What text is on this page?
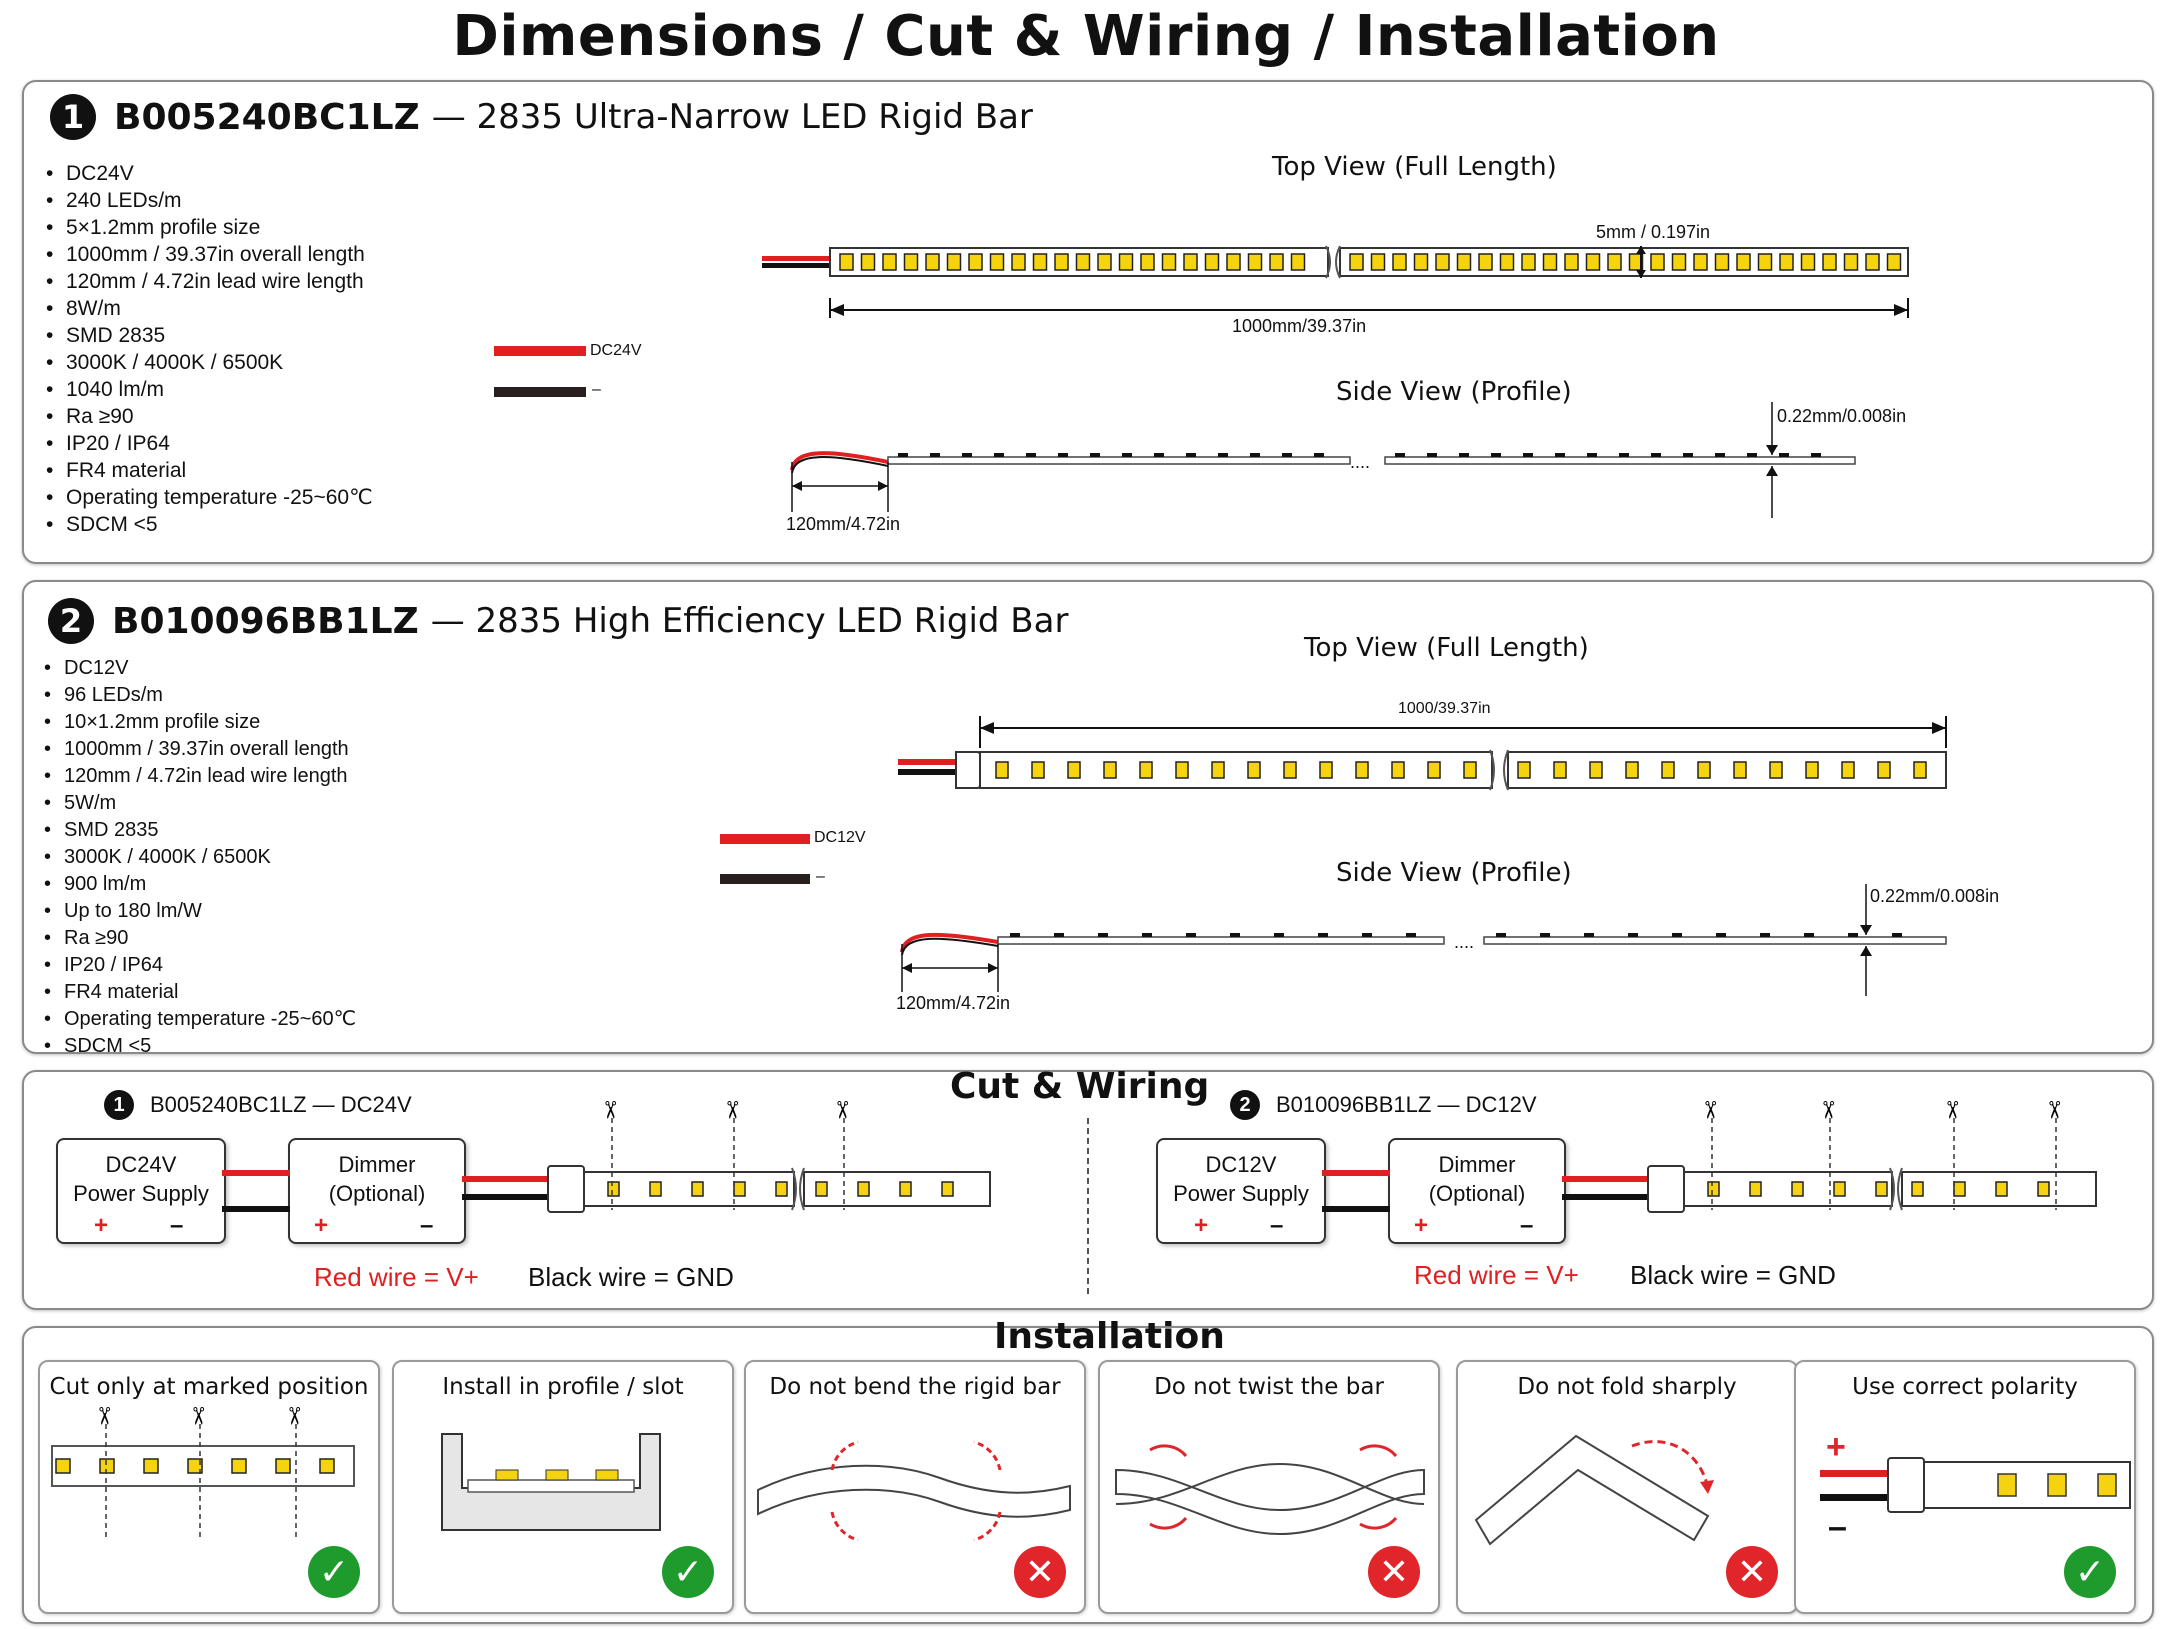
Dimensions / Cut & Wiring / Installation
1 B005240BC1LZ — 2835 Ultra-Narrow LED Rigid Bar
• DC24V
• 240 LEDs/m
• 5×1.2mm profile size
• 1000mm / 39.37in overall length
• 120mm / 4.72in lead wire length
• 8W/m
• SMD 2835
• 3000K / 4000K / 6500K
• 1040 lm/m
• Ra ≥90
• IP20 / IP64
• FR4 material
• Operating temperature -25~60℃
• SDCM <5
Top View (Full Length)
Side View (Profile)
DC24V
–
....
5mm / 0.197in
1000mm/39.37in
0.22mm/0.008in
120mm/4.72in
2 B010096BB1LZ — 2835 High Efficiency LED Rigid Bar
• DC12V
• 96 LEDs/m
• 10×1.2mm profile size
• 1000mm / 39.37in overall length
• 120mm / 4.72in lead wire length
• 5W/m
• SMD 2835
• 3000K / 4000K / 6500K
• 900 lm/m
• Up to 180 lm/W
• Ra ≥90
• IP20 / IP64
• FR4 material
• Operating temperature -25~60℃
• SDCM <5
Top View (Full Length)
Side View (Profile)
DC12V
–
....
1000/39.37in
0.22mm/0.008in
120mm/4.72in
Cut & Wiring
1	B005240BC1LZ — DC24V
DC24V
Power Supply
+	–
Dimmer
(Optional)
+	–
Red wire = V+ Black wire = GND
2	B010096BB1LZ — DC12V
DC12V
Power Supply
+	–
Dimmer
(Optional)
+	–
Red wire = V+ Black wire = GND
✂	✂	✂	✂	✂	✂	✂
Installation
Cut only at marked position
✓
Install in profile / slot
✓
Do not bend the rigid bar
✕
Do not twist the bar
✕
Do not fold sharply
✕
Use correct polarity
✓
+
–
✂	✂	✂
